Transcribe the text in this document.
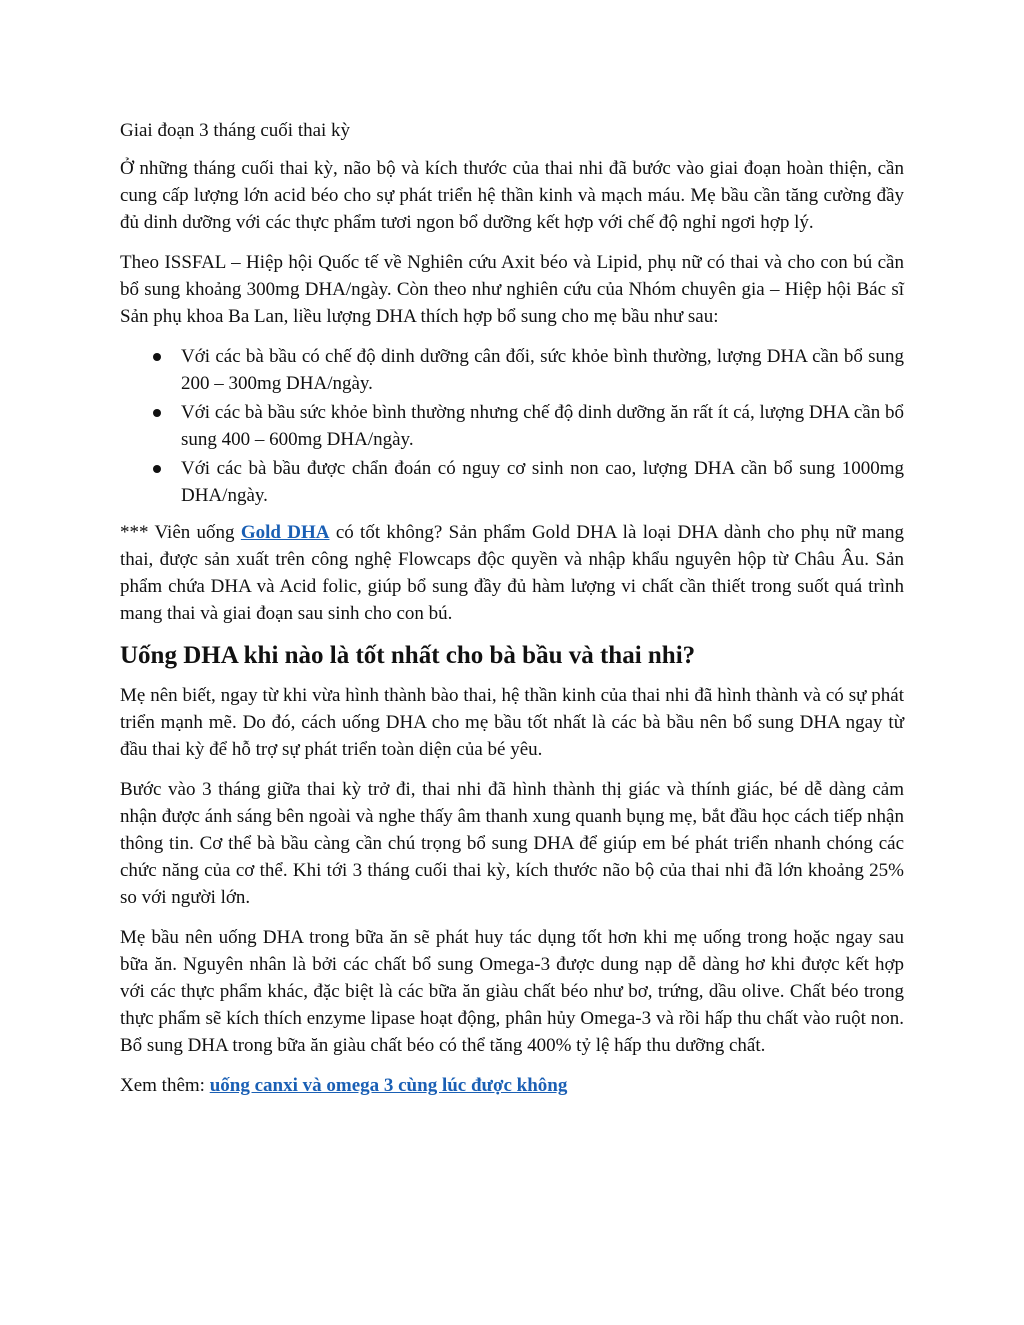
Giai đoạn 3 tháng cuối thai kỳ

Ở những tháng cuối thai kỳ, não bộ và kích thước của thai nhi đã bước vào giai đoạn hoàn thiện, cần cung cấp lượng lớn acid béo cho sự phát triển hệ thần kinh và mạch máu. Mẹ bầu cần tăng cường đầy đủ dinh dưỡng với các thực phẩm tươi ngon bổ dưỡng kết hợp với chế độ nghỉ ngơi hợp lý.

Theo ISSFAL – Hiệp hội Quốc tế về Nghiên cứu Axit béo và Lipid, phụ nữ có thai và cho con bú cần bổ sung khoảng 300mg DHA/ngày. Còn theo như nghiên cứu của Nhóm chuyên gia – Hiệp hội Bác sĩ Sản phụ khoa Ba Lan, liều lượng DHA thích hợp bổ sung cho mẹ bầu như sau:

Với các bà bầu có chế độ dinh dưỡng cân đối, sức khỏe bình thường, lượng DHA cần bổ sung 200 – 300mg DHA/ngày.
Với các bà bầu sức khỏe bình thường nhưng chế độ dinh dưỡng ăn rất ít cá, lượng DHA cần bổ sung 400 – 600mg DHA/ngày.
Với các bà bầu được chẩn đoán có nguy cơ sinh non cao, lượng DHA cần bổ sung 1000mg DHA/ngày.

*** Viên uống Gold DHA có tốt không? Sản phẩm Gold DHA là loại DHA dành cho phụ nữ mang thai, được sản xuất trên công nghệ Flowcaps độc quyền và nhập khẩu nguyên hộp từ Châu Âu. Sản phẩm chứa DHA và Acid folic, giúp bổ sung đầy đủ hàm lượng vi chất cần thiết trong suốt quá trình mang thai và giai đoạn sau sinh cho con bú.

Uống DHA khi nào là tốt nhất cho bà bầu và thai nhi?

Mẹ nên biết, ngay từ khi vừa hình thành bào thai, hệ thần kinh của thai nhi đã hình thành và có sự phát triển mạnh mẽ. Do đó, cách uống DHA cho mẹ bầu tốt nhất là các bà bầu nên bổ sung DHA ngay từ đầu thai kỳ để hỗ trợ sự phát triển toàn diện của bé yêu.

Bước vào 3 tháng giữa thai kỳ trở đi, thai nhi đã hình thành thị giác và thính giác, bé dễ dàng cảm nhận được ánh sáng bên ngoài và nghe thấy âm thanh xung quanh bụng mẹ, bắt đầu học cách tiếp nhận thông tin. Cơ thể bà bầu càng cần chú trọng bổ sung DHA để giúp em bé phát triển nhanh chóng các chức năng của cơ thể. Khi tới 3 tháng cuối thai kỳ, kích thước não bộ của thai nhi đã lớn khoảng 25% so với người lớn.

Mẹ bầu nên uống DHA trong bữa ăn sẽ phát huy tác dụng tốt hơn khi mẹ uống trong hoặc ngay sau bữa ăn. Nguyên nhân là bởi các chất bổ sung Omega-3 được dung nạp dễ dàng hơ khi được kết hợp với các thực phẩm khác, đặc biệt là các bữa ăn giàu chất béo như bơ, trứng, dầu olive. Chất béo trong thực phẩm sẽ kích thích enzyme lipase hoạt động, phân hủy Omega-3 và rồi hấp thu chất vào ruột non. Bổ sung DHA trong bữa ăn giàu chất béo có thể tăng 400% tỷ lệ hấp thu dưỡng chất.

Xem thêm: uống canxi và omega 3 cùng lúc được không
